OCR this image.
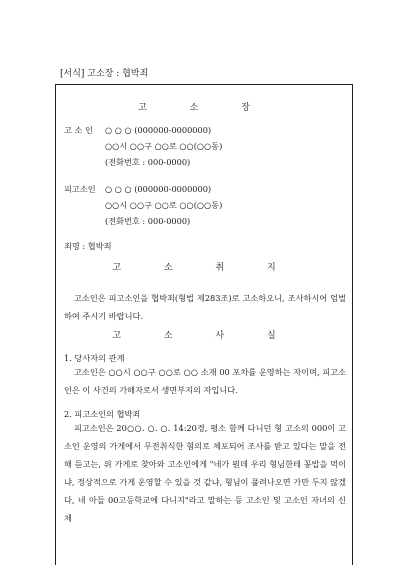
[서식] 고소장 : 협박죄
고 소 장
고 소 인 ○ ○ ○ (000000-0000000)
○○시 ○○구 ○○로 ○○(○○동)
(전화번호 : 000-0000)
피고소인 ○ ○ ○ (000000-0000000)
○○시 ○○구 ○○로 ○○(○○동)
(전화번호 : 000-0000)
죄명 : 협박죄
고 소 취 지
고소인은 피고소인을 협박죄(형법 제283조)로 고소하오니, 조사하시어 엄벌하여 주시기 바랍니다.
고 소 사 실
1. 당사자의 관계
고소인은 ○○시 ○○구 ○○로 ○○ 소재 00 포차를 운영하는 자이며, 피고소인은 이 사건의 가해자로서 생면부지의 자입니다.
2. 피고소인의 협박죄
피고소인은 20○○. ○. ○. 14:20경, 평소 함께 다니던 형 고소의 000이 고소인 운영의 가게에서 무전취식한 혐의로 체포되어 조사를 받고 있다는 말을 전해 듣고는, 위 가게로 찾아와 고소인에게 "네가 뭔데 우리 형님한테 꽁밥을 먹이냐, 정상적으로 가게 운영할 수 있을 것 같냐, 형님이 풀려나오면 가만 두지 않겠다, 네 아들 00고등학교에 다니지"라고 말하는 등 고소인 및 고소인 자녀의 신체
